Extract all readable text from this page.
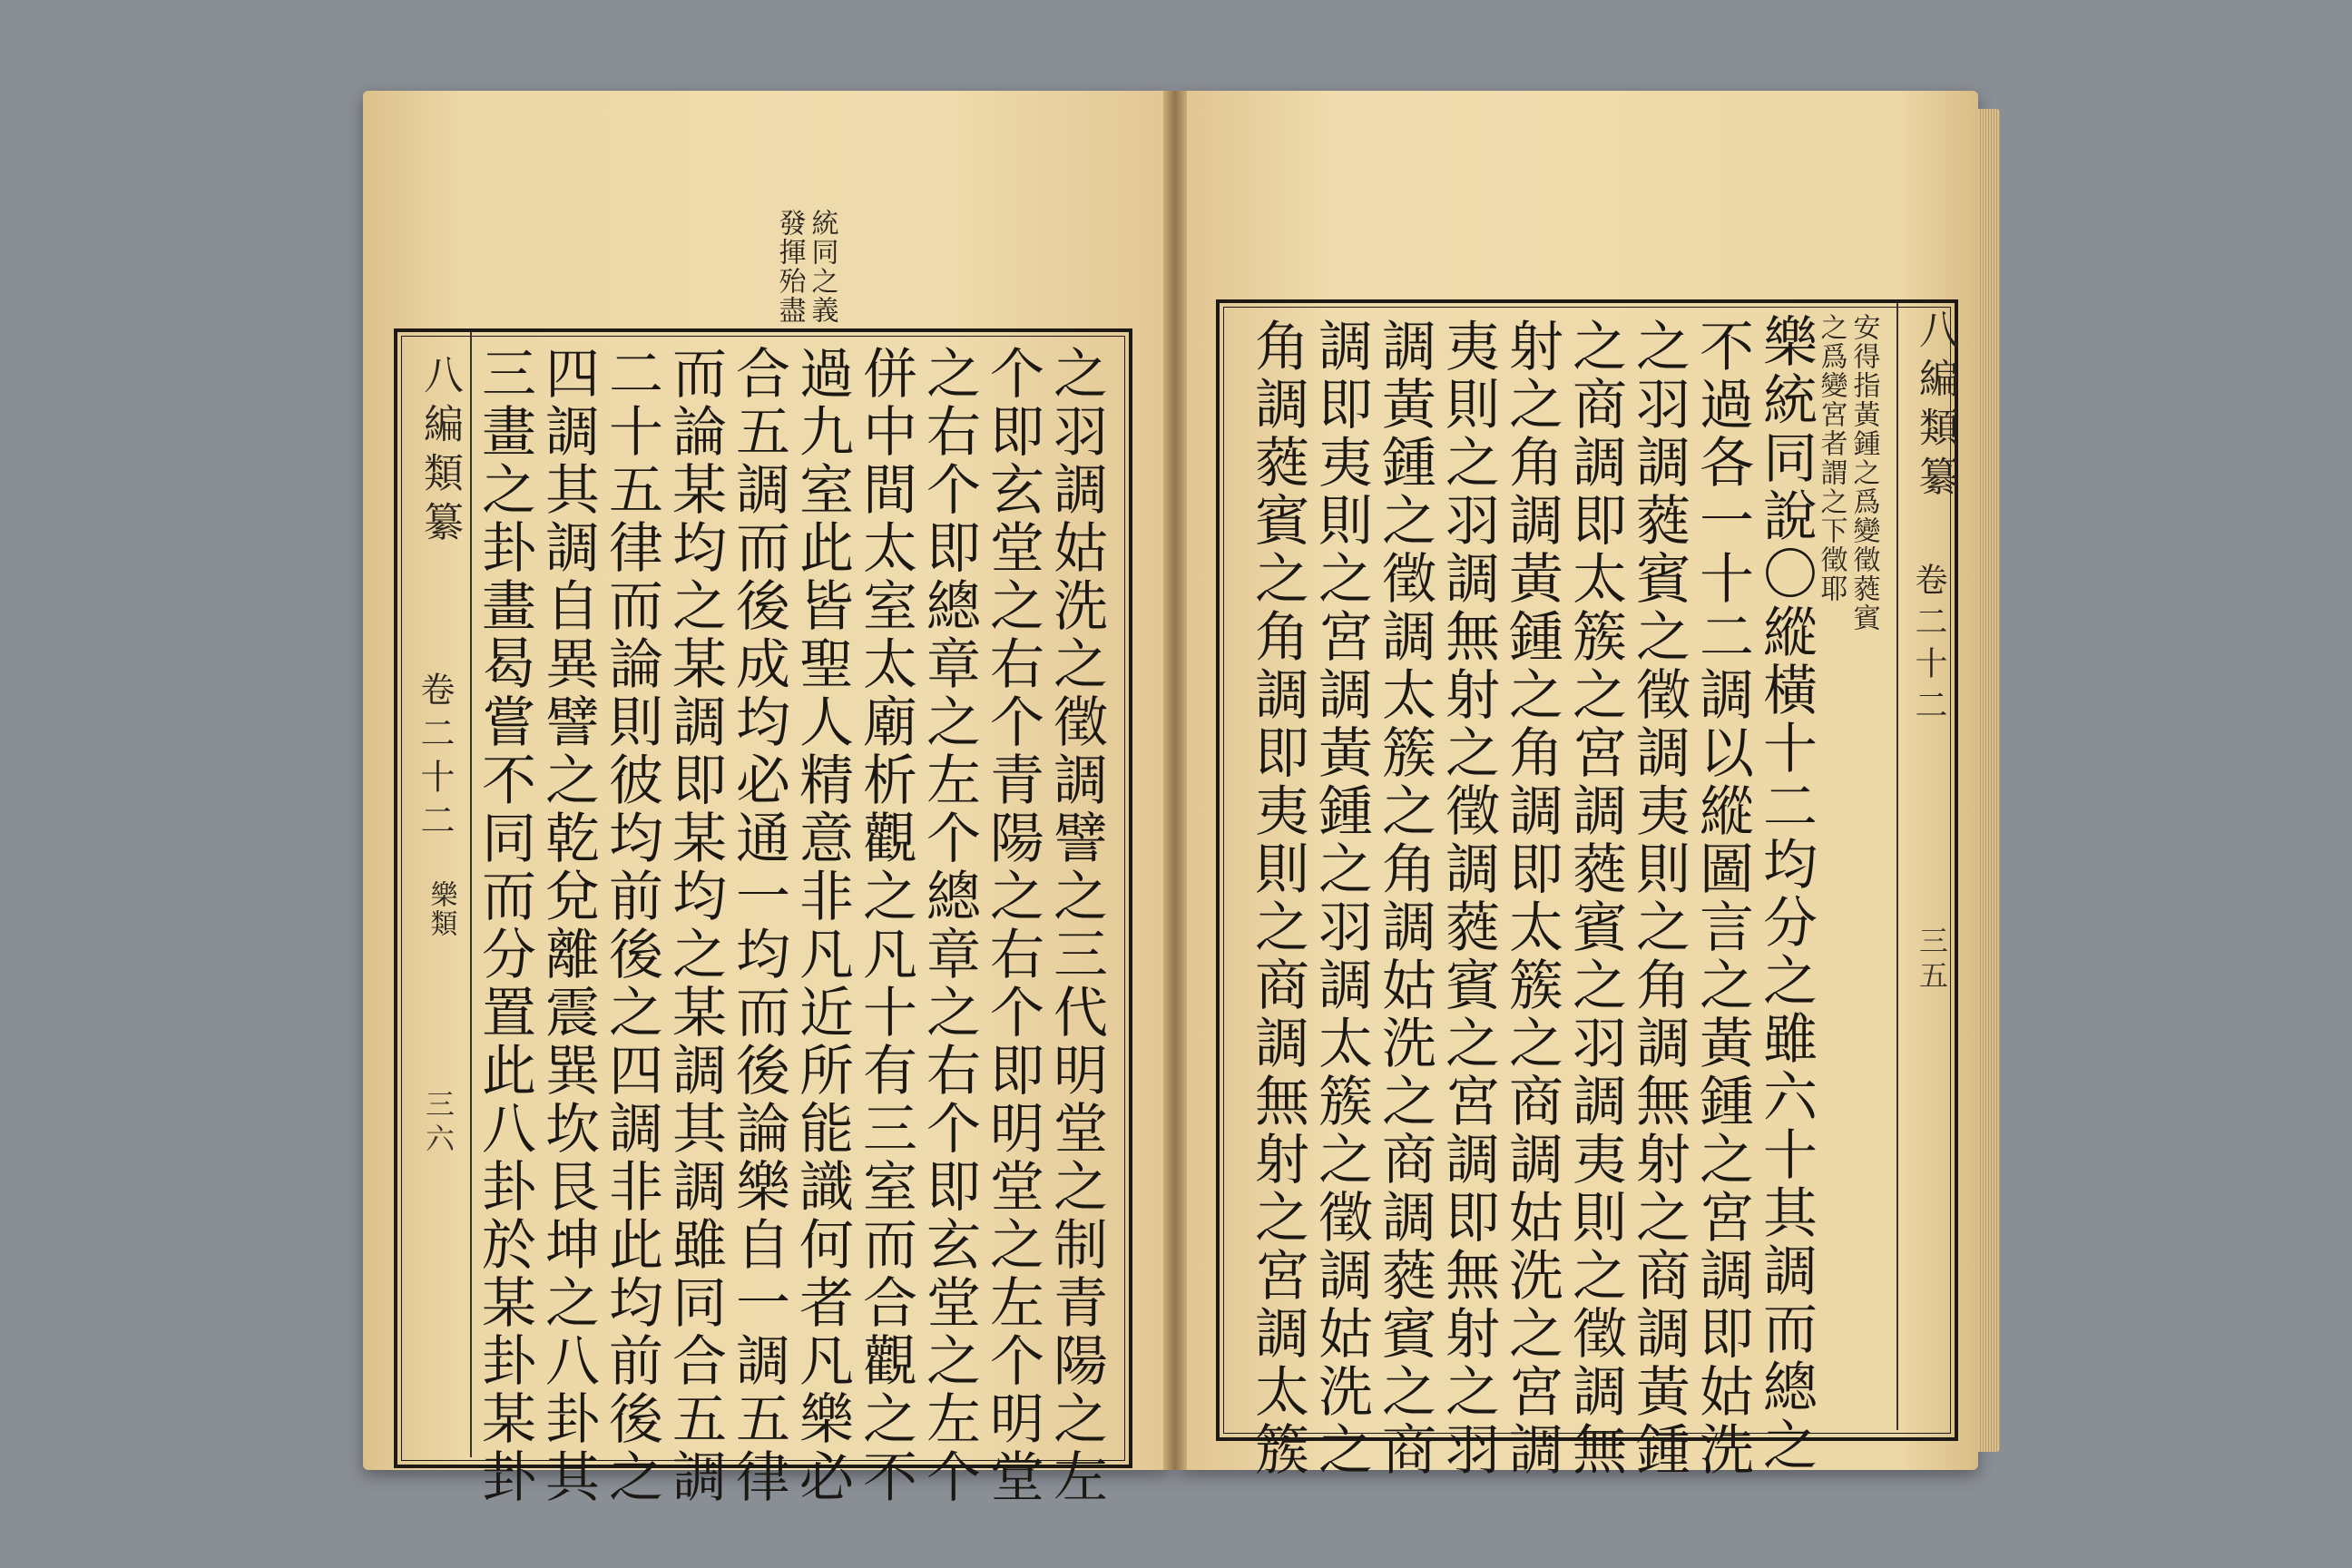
統同之義
發揮殆盡
八編類纂
卷二十二
樂類
三六	之羽調姑洗之徵調譬之三代明堂之制青陽之左
个即玄堂之右个青陽之右个即明堂之左个明堂
之右个即總章之左个總章之右个即玄堂之左个
併中間太室太廟析觀之凡十有三室而合觀之不
過九室此皆聖人精意非凡近所能識何者凡樂必
合五調而後成均必通一均而後論樂自一調五律
而論某均之某調即某均之某調其調雖同合五調
二十五律而論則彼均前後之四調非此均前後之
四調其調自異譬之乾兌離震巽坎艮坤之八卦其
三畫之卦畫曷嘗不同而分置此八卦於某卦某卦	八編類纂
卷二十二
三五
安得指黃鍾之爲變徵蕤賓
之爲變宮者謂之下徵耶
樂統同說〇縱橫十二均分之雖六十其調而總之
不過各一十二調以縱圖言之黃鍾之宮調即姑洗
之羽調蕤賓之徵調夷則之角調無射之商調黃鍾
之商調即太簇之宮調蕤賓之羽調夷則之徵調無
射之角調黃鍾之角調即太簇之商調姑洗之宮調
夷則之羽調無射之徵調蕤賓之宮調即無射之羽
調黃鍾之徵調太簇之角調姑洗之商調蕤賓之商
調即夷則之宮調黃鍾之羽調太簇之徵調姑洗之
角調蕤賓之角調即夷則之商調無射之宮調太簇
